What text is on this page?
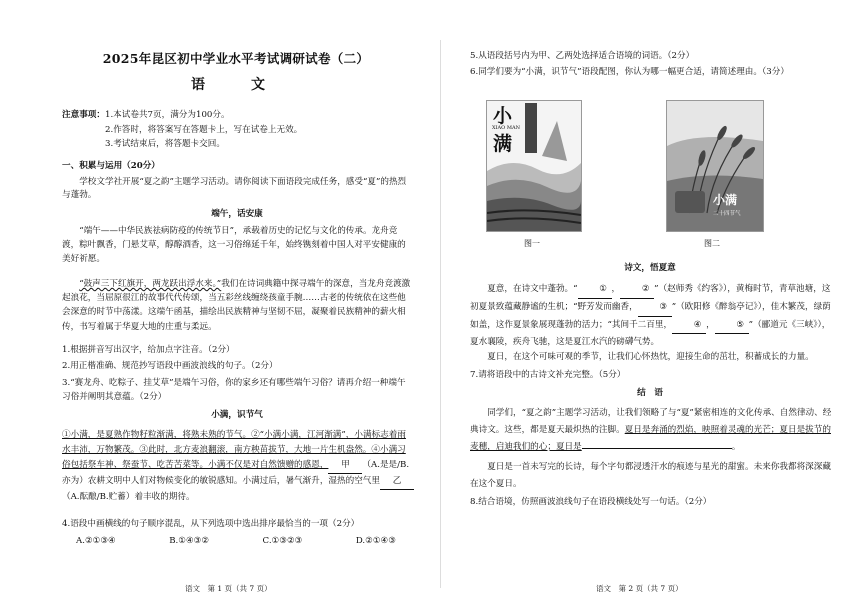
2025年昆区初中学业水平考试调研试卷（二）
语　文
注意事项：1.本试卷共7页，满分为100分。
2.作答时，将答案写在答题卡上，写在试卷上无效。
3.考试结束后，将答题卡交回。
一、积累与运用（20分）
学校文学社开展“夏之韵”主题学习活动。请你阅读下面语段完成任务，感受“夏”的热烈与蓬勃。
端午，话安康
“端午——中华民族祛病防疫的传统节日”，承载着历史的记忆与文化的传承。龙舟竞渡，粽叶飘香，门悬艾草，醇醇酒香，这一习俗绵延千年，始终镌刻着中国人对平安健康的美好祈愿。
“鼓声三下红旗开，两龙跃出浮水来。”我们在诗词典籍中探寻端午的深意，当龙舟竞渡激起浪花，当屈原很江的故事代代传颂，当五彩丝线缠绕孩童手腕……古老的传统依在这些他会深意的时节中荡漾。这端午函基，描绘出民族精神与坚韧不屈，凝聚着民族精神的薪火相传，书写着属于华夏大地的庄重与柔远。
1.根据拼音写出汉字，给加点字注音。（2分）
2.用正楷准确、规范抄写语段中画波浪线的句子。（2分）
3.“赛龙舟、吃粽子、挂艾草”是端午习俗，你的家乡还有哪些端午习俗？请再介绍一种端午习俗并阐明其意蕴。（2分）
小满，识节气
①小满，是夏熟作物籽粒渐满，将熟未熟的节气。②“小满小满，江河渐满”，小满标志着雨水丰沛，万物繁茂。③此时，北方麦浪翻滚，南方秧苗拔节，大地一片生机盎然。④小满习俗包括祭车神、祭蚕节、吃苦苦菜等。小满不仅是对自然馈赠的感恩， 甲 （A.是是/B.亦为）农耕文明中人们对物候变化的敏锐感知。小满过后，暑气渐升，湿热的空气里 乙（A.酝酿/B.贮蓄）着丰收的期待。
4.语段中画横线的句子顺序混乱，从下列选项中选出排序最恰当的一项（2分）
A.②①③④	B.①④③②	C.①③②③	D.②①④③
语文　第 1 页（共 7 页）
5.从语段括号内为甲、乙两处选择适合语境的词语。（2分）
6.同学们要为“小满，识节气”语段配图，你认为哪一幅更合适，请简述理由。（3分）
小
XIAO MAN
满
图一
小满
二十四节气
图二
诗文，悟夏意
夏意，在诗文中蓬勃。“	① ，	② ”（赵师秀《约客》），黄梅时节，青草池塘，这初夏景致蕴藏静谧的生机；“野芳发而幽香，	③ ”（欧阳修《醉翁亭记》），佳木繁茂，绿荫如盖，这作夏景象展现蓬勃的活力；“其间千二百里，	④ ，	⑤ ”（郦道元《三峡》），夏水襄陵，疾舟飞驰，这是夏江水汽的磅礴气势。
夏日，在这个可味可观的季节，让我们心怀热忱，迎接生命的茁壮，积蓄成长的力量。
7.请将语段中的古诗文补充完整。（5分）
结　语
同学们，“夏之韵”主题学习活动，让我们领略了与“夏”紧密相连的文化传承、自然律动、经典诗文。这些，都是夏天最炽热的注脚。夏日是奔涌的烈焰，映照着灵魂的光芒；夏日是拔节的麦穗，启迪我们的心；夏日是	。
夏日是一首未写完的长诗，每个字句都浸透汗水的痕迹与星光的甜蜜。未来你我都将深深藏在这个夏日。
8.结合语境，仿照画波浪线句子在语段横线处写一句话。（2分）
语文　第 2 页（共 7 页）
